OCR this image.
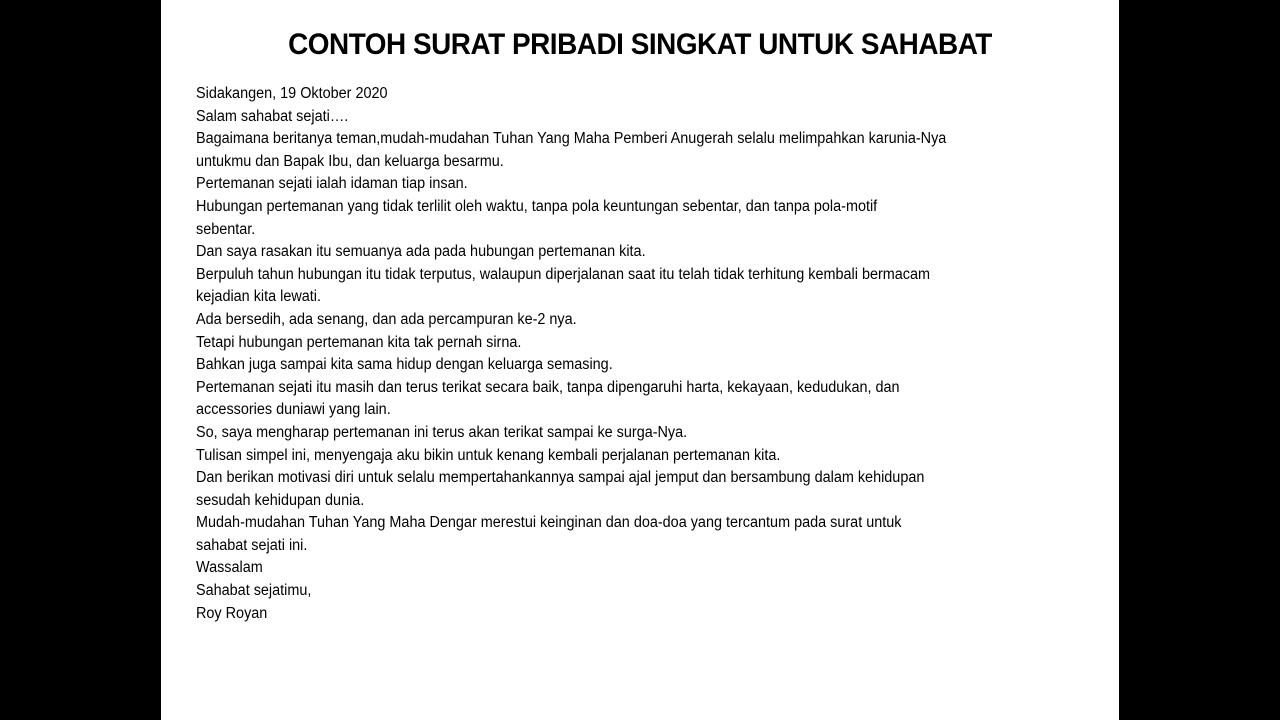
CONTOH SURAT PRIBADI SINGKAT UNTUK SAHABAT
Sidakangen, 19 Oktober 2020
Salam sahabat sejati….
Bagaimana beritanya teman,mudah-mudahan Tuhan Yang Maha Pemberi Anugerah selalu melimpahkan karunia-Nya
untukmu dan Bapak Ibu, dan keluarga besarmu.
Pertemanan sejati ialah idaman tiap insan.
Hubungan pertemanan yang tidak terlilit oleh waktu, tanpa pola keuntungan sebentar, dan tanpa pola-motif
sebentar.
Dan saya rasakan itu semuanya ada pada hubungan pertemanan kita.
Berpuluh tahun hubungan itu tidak terputus, walaupun diperjalanan saat itu telah tidak terhitung kembali bermacam
kejadian kita lewati.
Ada bersedih, ada senang, dan ada percampuran ke-2 nya.
Tetapi hubungan pertemanan kita tak pernah sirna.
Bahkan juga sampai kita sama hidup dengan keluarga semasing.
Pertemanan sejati itu masih dan terus terikat secara baik, tanpa dipengaruhi harta, kekayaan, kedudukan, dan
accessories duniawi yang lain.
So, saya mengharap pertemanan ini terus akan terikat sampai ke surga-Nya.
Tulisan simpel ini, menyengaja aku bikin untuk kenang kembali perjalanan pertemanan kita.
Dan berikan motivasi diri untuk selalu mempertahankannya sampai ajal jemput dan bersambung dalam kehidupan
sesudah kehidupan dunia.
Mudah-mudahan Tuhan Yang Maha Dengar merestui keinginan dan doa-doa yang tercantum pada surat untuk
sahabat sejati ini.
Wassalam
Sahabat sejatimu,
Roy Royan
